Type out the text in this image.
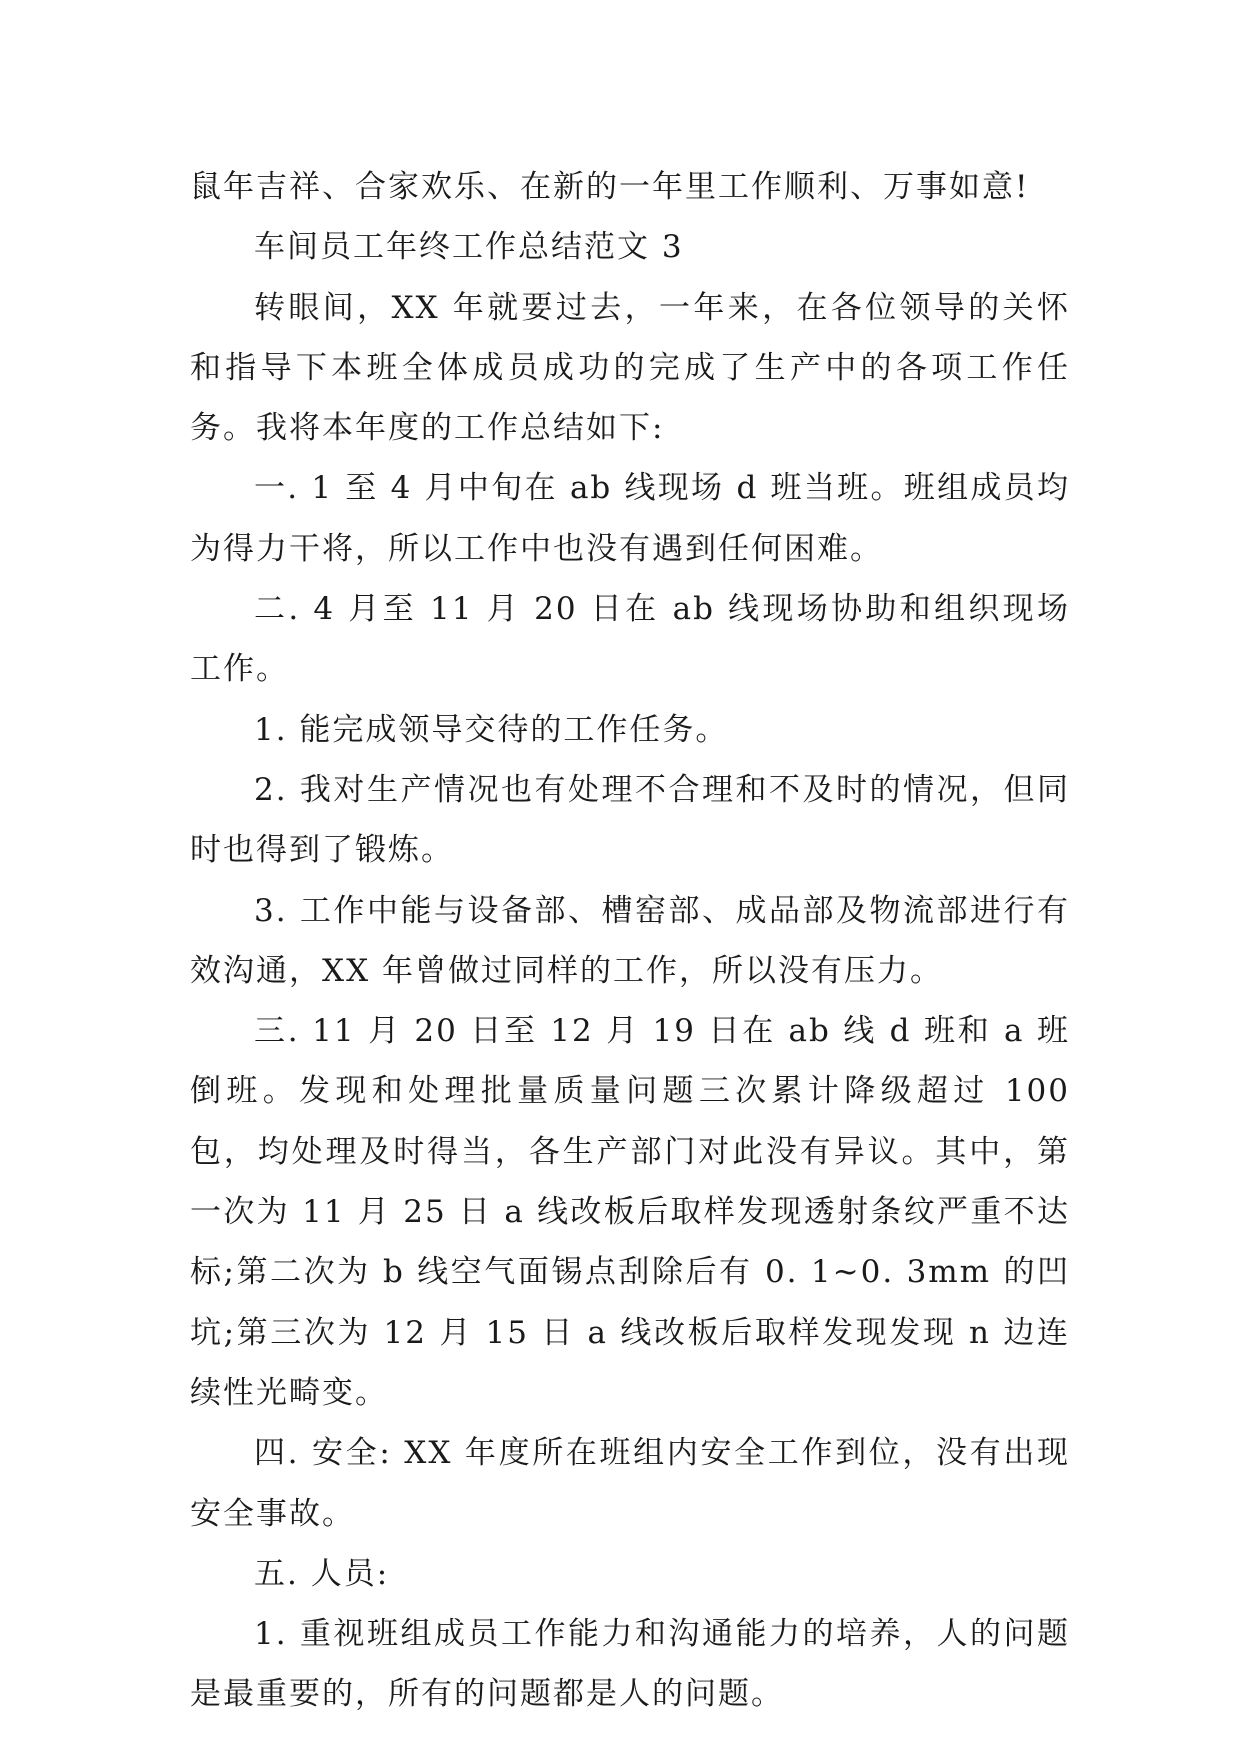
鼠年吉祥、合家欢乐、在新的一年里工作顺利、万事如意!

车间员工年终工作总结范文 3

转眼间，XX 年就要过去，一年来，在各位领导的关怀和指导下本班全体成员成功的完成了生产中的各项工作任务。我将本年度的工作总结如下:

一. 1 至 4 月中旬在 ab 线现场 d 班当班。班组成员均为得力干将，所以工作中也没有遇到任何困难。

二. 4 月至 11 月 20 日在 ab 线现场协助和组织现场工作。

1. 能完成领导交待的工作任务。

2. 我对生产情况也有处理不合理和不及时的情况，但同时也得到了锻炼。

3. 工作中能与设备部、槽窑部、成品部及物流部进行有效沟通，XX 年曾做过同样的工作，所以没有压力。

三. 11 月 20 日至 12 月 19 日在 ab 线 d 班和 a 班倒班。发现和处理批量质量问题三次累计降级超过 100 包，均处理及时得当，各生产部门对此没有异议。其中，第一次为 11 月 25 日 a 线改板后取样发现透射条纹严重不达标;第二次为 b 线空气面锡点刮除后有 0. 1~0. 3mm 的凹坑;第三次为 12 月 15 日 a 线改板后取样发现发现 n 边连续性光畸变。

四. 安全: XX 年度所在班组内安全工作到位，没有出现安全事故。

五. 人员:

1. 重视班组成员工作能力和沟通能力的培养，人的问题是最重要的，所有的问题都是人的问题。
